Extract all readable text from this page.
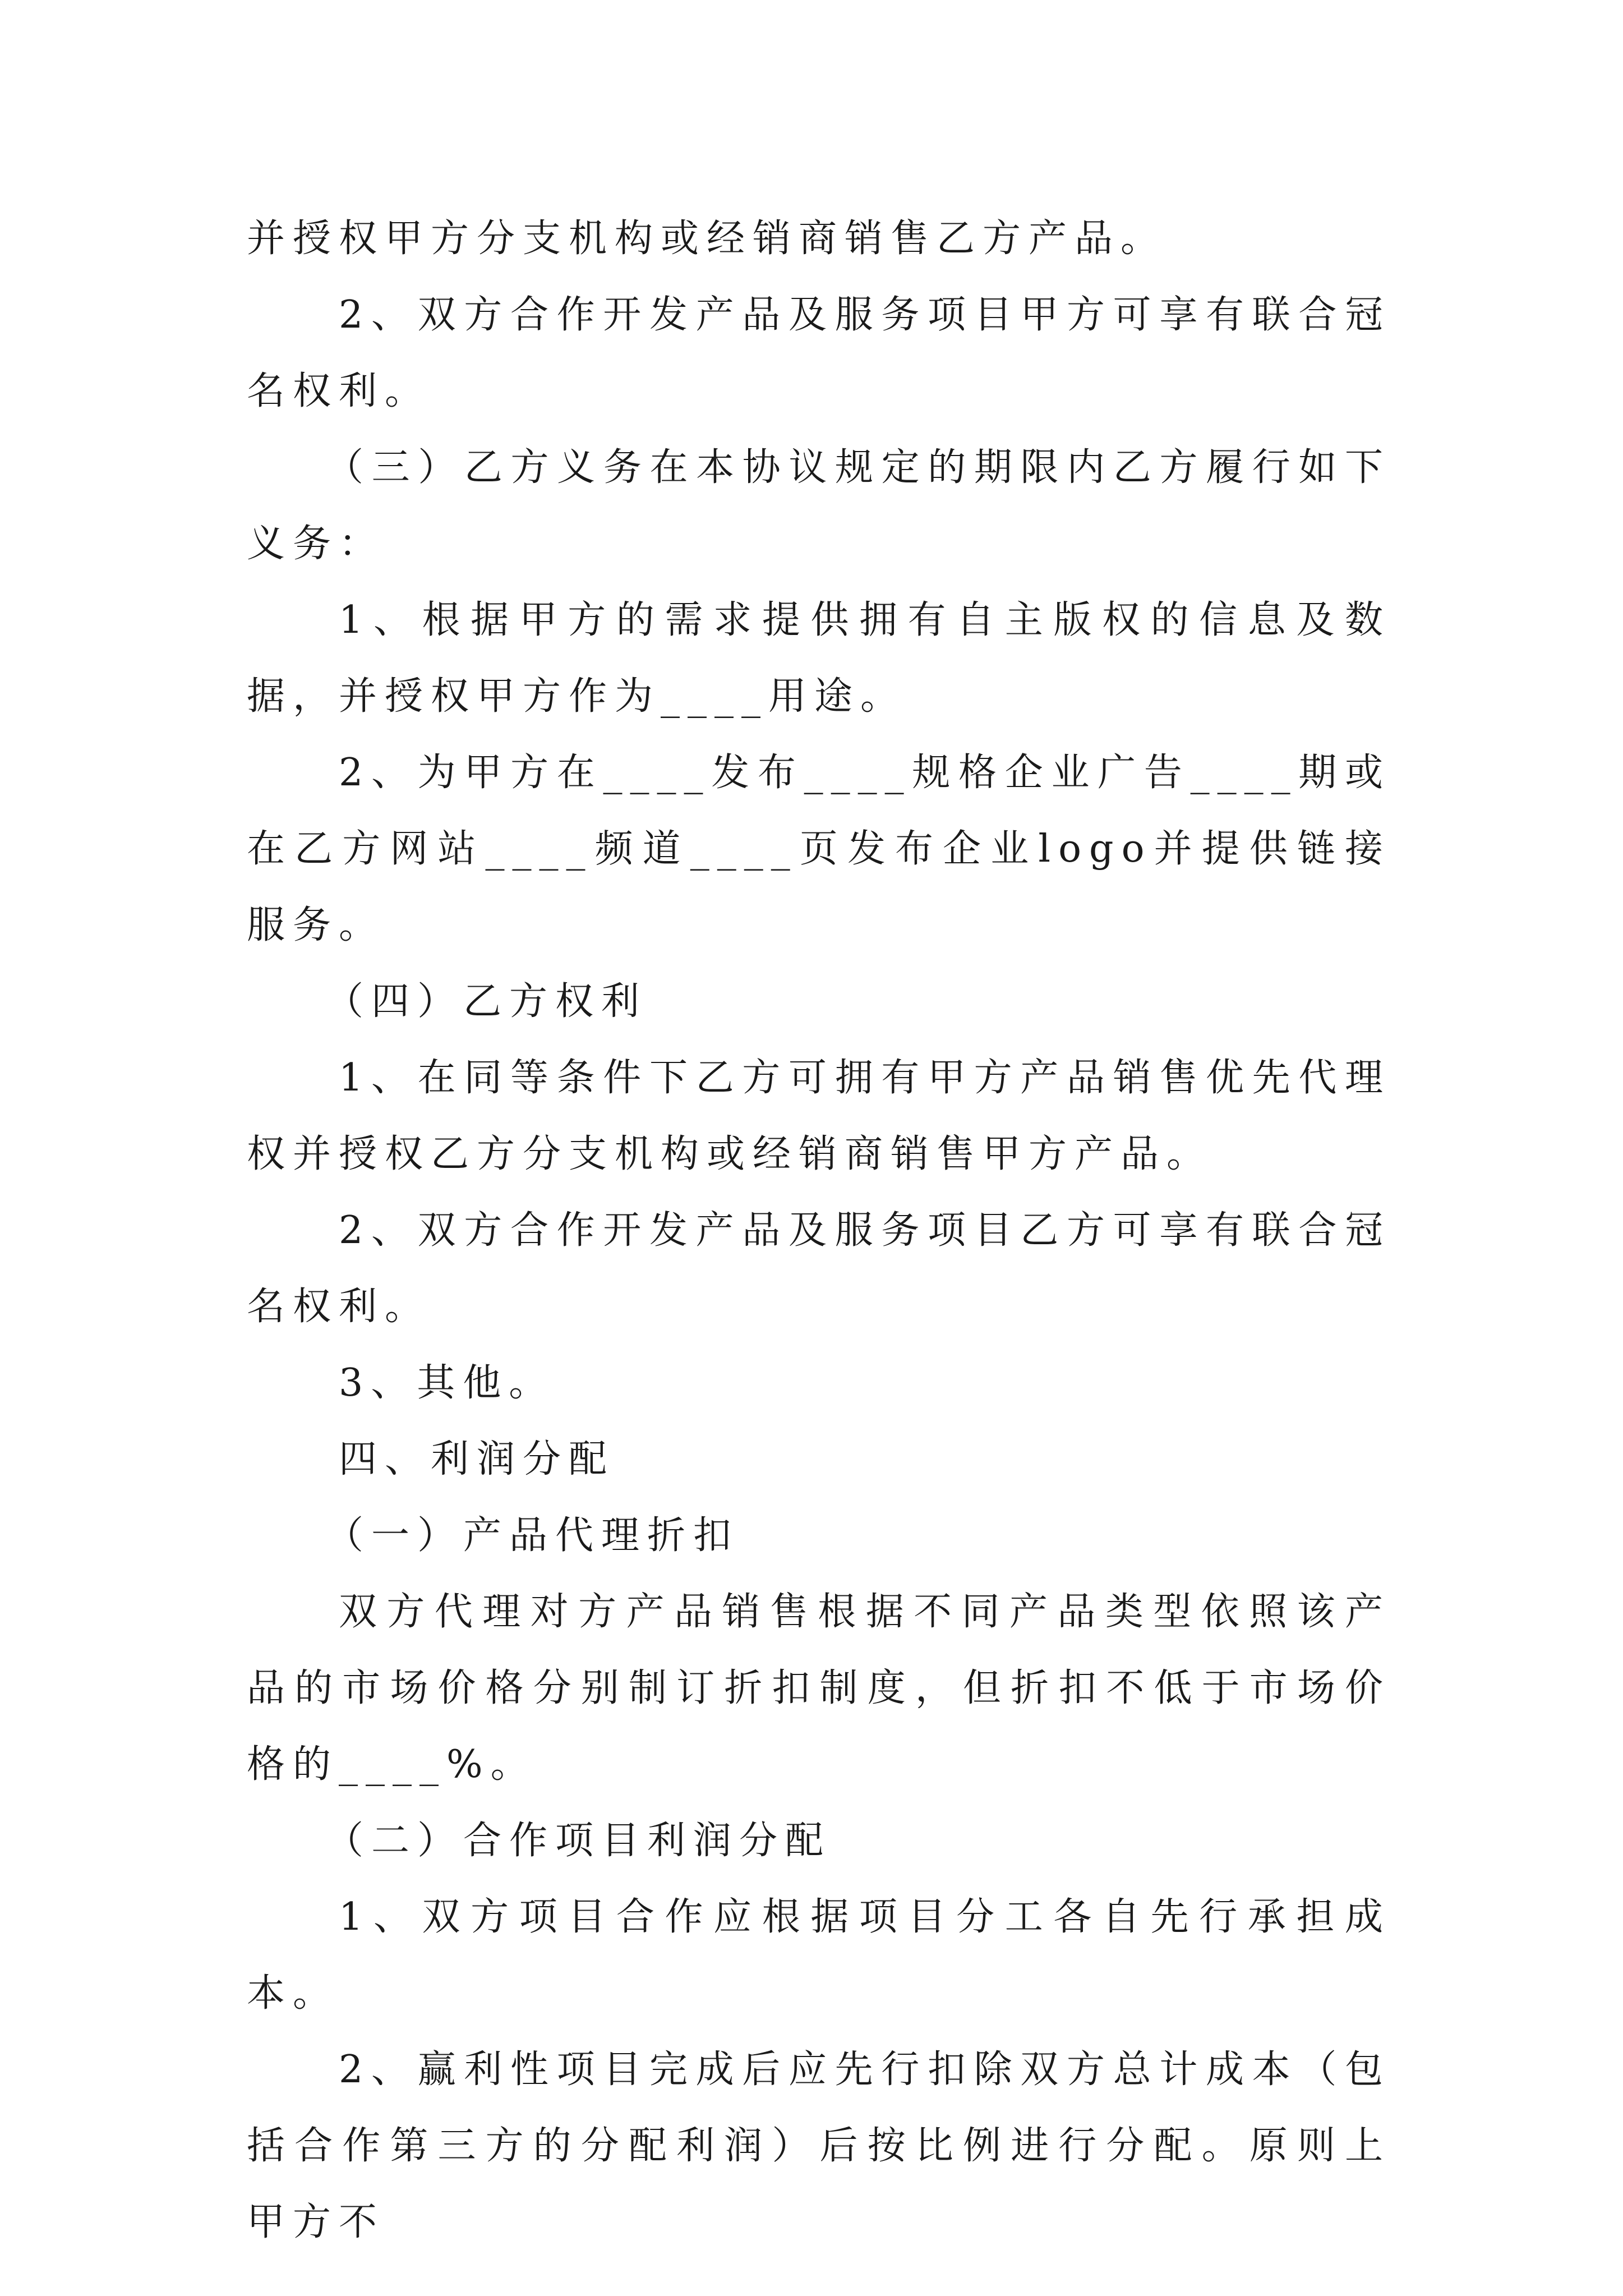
并授权甲方分支机构或经销商销售乙方产品。

2、双方合作开发产品及服务项目甲方可享有联合冠名权利。

（三）乙方义务在本协议规定的期限内乙方履行如下义务：

1、根据甲方的需求提供拥有自主版权的信息及数据，并授权甲方作为____用途。

2、为甲方在____发布____规格企业广告____期或在乙方网站____频道____页发布企业logo并提供链接服务。

（四）乙方权利

1、在同等条件下乙方可拥有甲方产品销售优先代理权并授权乙方分支机构或经销商销售甲方产品。

2、双方合作开发产品及服务项目乙方可享有联合冠名权利。

3、其他。

四、利润分配

（一）产品代理折扣

双方代理对方产品销售根据不同产品类型依照该产品的市场价格分别制订折扣制度，但折扣不低于市场价格的____%。

（二）合作项目利润分配

1、双方项目合作应根据项目分工各自先行承担成本。

2、赢利性项目完成后应先行扣除双方总计成本（包括合作第三方的分配利润）后按比例进行分配。原则上甲方不
